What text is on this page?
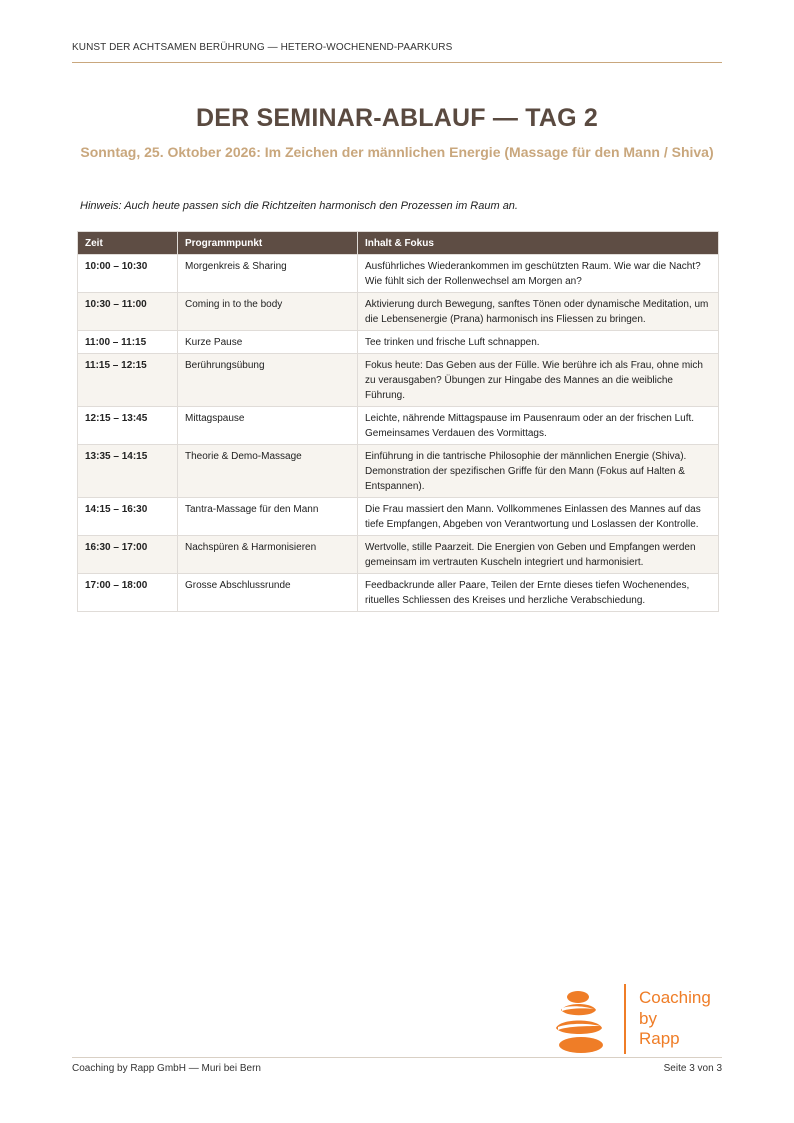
KUNST DER ACHTSAMEN BERÜHRUNG — HETERO-WOCHENEND-PAARKURS
DER SEMINAR-ABLAUF — TAG 2
Sonntag, 25. Oktober 2026: Im Zeichen der männlichen Energie (Massage für den Mann / Shiva)
Hinweis: Auch heute passen sich die Richtzeiten harmonisch den Prozessen im Raum an.
Zeit	Programmpunkt	Inhalt & Fokus
10:00 – 10:30	Morgenkreis & Sharing	Ausführliches Wiederankommen im geschützten Raum. Wie war die Nacht? Wie fühlt sich der Rollenwechsel am Morgen an?
10:30 – 11:00	Coming in to the body	Aktivierung durch Bewegung, sanftes Tönen oder dynamische Meditation, um die Lebensenergie (Prana) harmonisch ins Fliessen zu bringen.
11:00 – 11:15	Kurze Pause	Tee trinken und frische Luft schnappen.
11:15 – 12:15	Berührungsübung	Fokus heute: Das Geben aus der Fülle. Wie berühre ich als Frau, ohne mich zu verausgaben? Übungen zur Hingabe des Mannes an die weibliche Führung.
12:15 – 13:45	Mittagspause	Leichte, nährende Mittagspause im Pausenraum oder an der frischen Luft. Gemeinsames Verdauen des Vormittags.
13:35 – 14:15	Theorie & Demo-Massage	Einführung in die tantrische Philosophie der männlichen Energie (Shiva). Demonstration der spezifischen Griffe für den Mann (Fokus auf Halten & Entspannen).
14:15 – 16:30	Tantra-Massage für den Mann	Die Frau massiert den Mann. Vollkommenes Einlassen des Mannes auf das tiefe Empfangen, Abgeben von Verantwortung und Loslassen der Kontrolle.
16:30 – 17:00	Nachspüren & Harmonisieren	Wertvolle, stille Paarzeit. Die Energien von Geben und Empfangen werden gemeinsam im vertrauten Kuscheln integriert und harmonisiert.
17:00 – 18:00	Grosse Abschlussrunde	Feedbackrunde aller Paare, Teilen der Ernte dieses tiefen Wochenendes, rituelles Schliessen des Kreises und herzliche Verabschiedung.
Coaching
by
Rapp
Coaching by Rapp GmbH — Muri bei Bern	Seite 3 von 3
